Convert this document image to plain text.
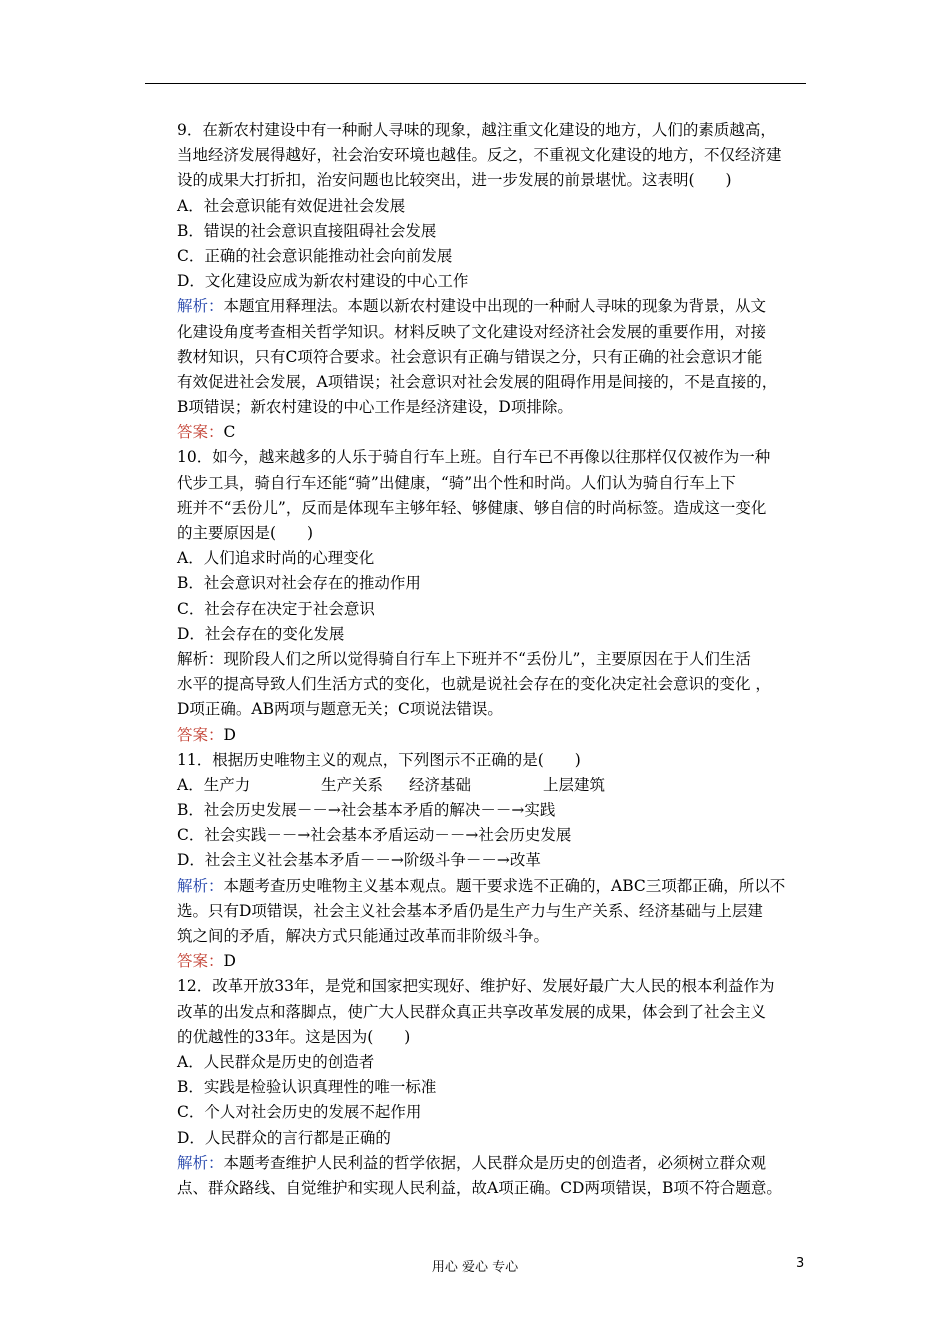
9．在新农村建设中有一种耐人寻味的现象，越注重文化建设的地方，人们的素质越高，
当地经济发展得越好，社会治安环境也越佳。反之，不重视文化建设的地方，不仅经济建
设的成果大打折扣，治安问题也比较突出，进一步发展的前景堪忧。这表明(　　)
A．社会意识能有效促进社会发展
B．错误的社会意识直接阻碍社会发展
C．正确的社会意识能推动社会向前发展
D．文化建设应成为新农村建设的中心工作
解析：本题宜用释理法。本题以新农村建设中出现的一种耐人寻味的现象为背景，从文
化建设角度考查相关哲学知识。材料反映了文化建设对经济社会发展的重要作用，对接
教材知识，只有C项符合要求。社会意识有正确与错误之分，只有正确的社会意识才能
有效促进社会发展，A项错误；社会意识对社会发展的阻碍作用是间接的，不是直接的，
B项错误；新农村建设的中心工作是经济建设，D项排除。
答案：C
10．如今，越来越多的人乐于骑自行车上班。自行车已不再像以往那样仅仅被作为一种
代步工具，骑自行车还能“骑”出健康，“骑”出个性和时尚。人们认为骑自行车上下
班并不“丢份儿”，反而是体现车主够年轻、够健康、够自信的时尚标签。造成这一变化
的主要原因是(　　)
A．人们追求时尚的心理变化
B．社会意识对社会存在的推动作用
C．社会存在决定于社会意识
D．社会存在的变化发展
解析：现阶段人们之所以觉得骑自行车上下班并不“丢份儿”，主要原因在于人们生活
水平的提高导致人们生活方式的变化，也就是说社会存在的变化决定社会意识的变化 ，
D项正确。AB两项与题意无关；C项说法错误。
答案：D
11．根据历史唯物主义的观点，下列图示不正确的是(　　)
A．生产力	生产关系 经济基础	上层建筑
B．社会历史发展－－→社会基本矛盾的解决－－→实践
C．社会实践－－→社会基本矛盾运动－－→社会历史发展
D．社会主义社会基本矛盾－－→阶级斗争－－→改革
解析：本题考查历史唯物主义基本观点。题干要求选不正确的，ABC三项都正确，所以不
选。只有D项错误，社会主义社会基本矛盾仍是生产力与生产关系、经济基础与上层建
筑之间的矛盾，解决方式只能通过改革而非阶级斗争。
答案：D
12．改革开放33年，是党和国家把实现好、维护好、发展好最广大人民的根本利益作为
改革的出发点和落脚点，使广大人民群众真正共享改革发展的成果，体会到了社会主义
的优越性的33年。这是因为(　　)
A．人民群众是历史的创造者
B．实践是检验认识真理性的唯一标准
C．个人对社会历史的发展不起作用
D．人民群众的言行都是正确的
解析：本题考查维护人民利益的哲学依据，人民群众是历史的创造者，必须树立群众观
点、群众路线、自觉维护和实现人民利益，故A项正确。CD两项错误，B项不符合题意。
用心 爱心 专心	3
